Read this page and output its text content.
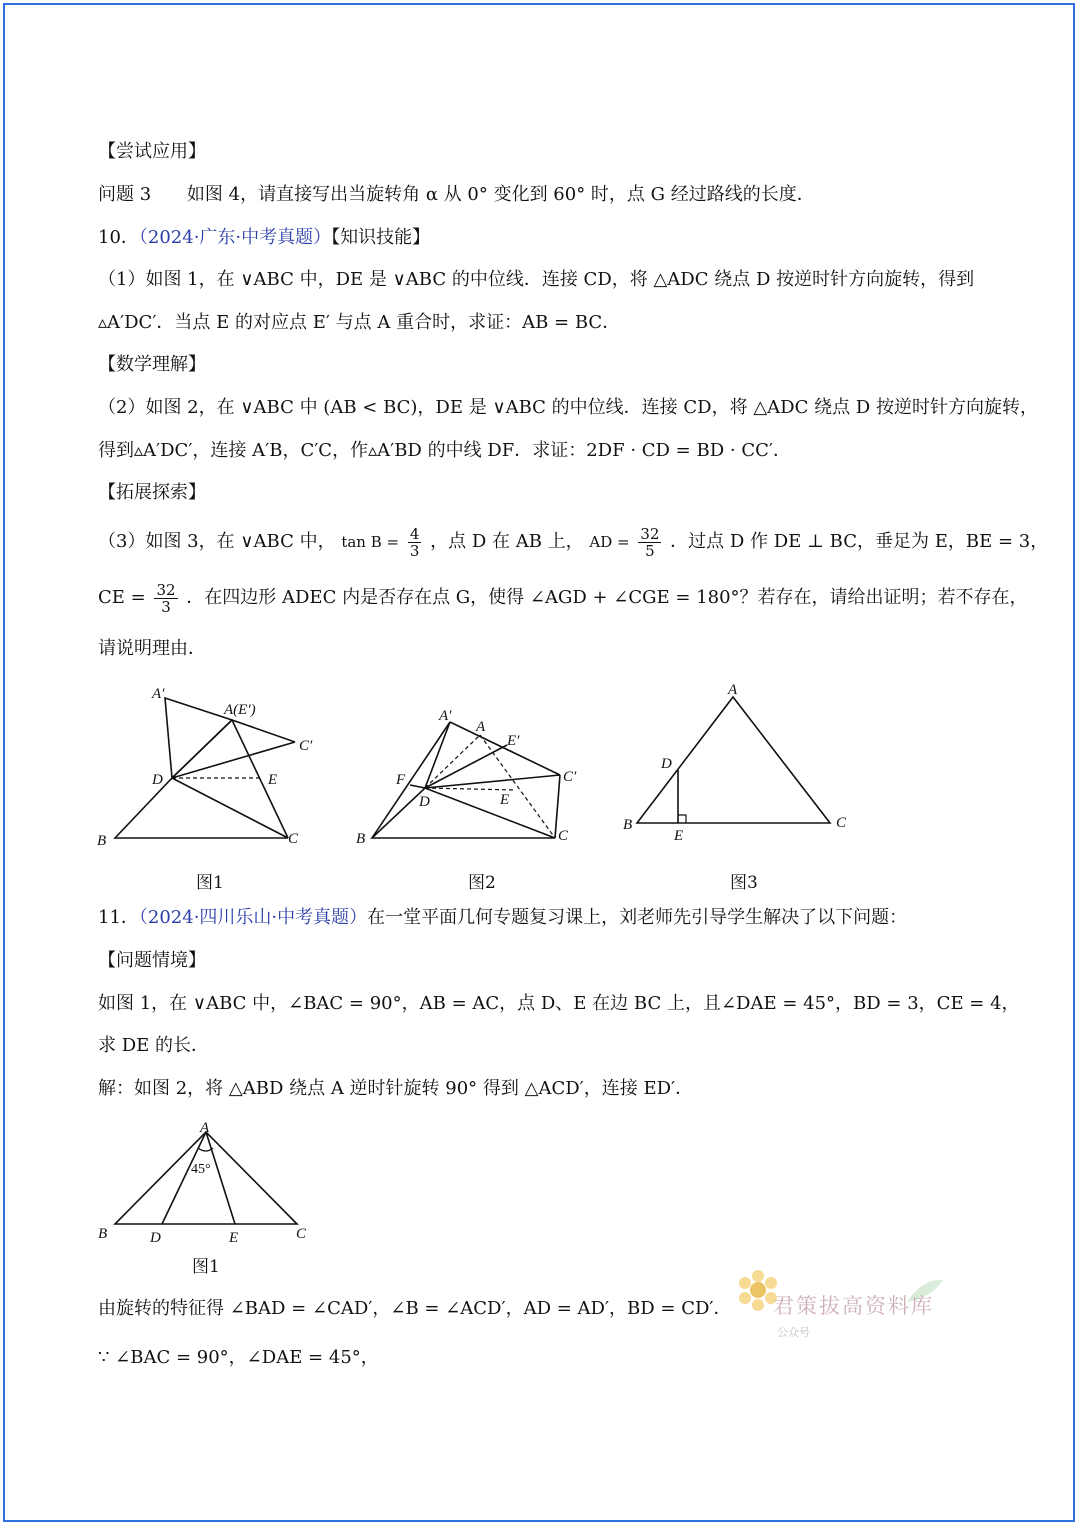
【尝试应用】
问题 3 如图 4，请直接写出当旋转角 α 从 0° 变化到 60° 时，点 G 经过路线的长度．
10．（2024·广东·中考真题）【知识技能】
（1）如图 1，在 ∨ABC 中，DE 是 ∨ABC 的中位线．连接 CD，将 △ADC 绕点 D 按逆时针方向旋转，得到
▵A′DC′．当点 E 的对应点 E′ 与点 A 重合时，求证：AB = BC．
【数学理解】
（2）如图 2，在 ∨ABC 中 (AB < BC)，DE 是 ∨ABC 的中位线．连接 CD，将 △ADC 绕点 D 按逆时针方向旋转，
得到▵A′DC′，连接 A′B，C′C，作▵A′BD 的中线 DF．求证：2DF · CD = BD · CC′．
【拓展探索】
（3）如图 3，在 ∨ABC 中， $\tan B = \frac{4}{3}$ ，点 D 在 AB 上， AD = $\frac{32}{5}$ ．过点 D 作 DE ⊥ BC，垂足为 E，BE = 3，
CE = $\frac{32}{3}$ ．在四边形 ADEC 内是否存在点 G，使得 ∠AGD + ∠CGE = 180°？若存在，请给出证明；若不存在，
请说明理由．
A′
A(E′)
C′
D	E
B	C
图1
A′
A
E′
F	C′
D	E
B	C
图2
A
D
B
E
C
图3
11．（2024·四川乐山·中考真题）在一堂平面几何专题复习课上，刘老师先引导学生解决了以下问题：
【问题情境】
如图 1，在 ∨ABC 中，∠BAC = 90°，AB = AC，点 D、E 在边 BC 上，且∠DAE = 45°，BD = 3，CE = 4，
求 DE 的长．
解：如图 2，将 △ABD 绕点 A 逆时针旋转 90° 得到 △ACD′，连接 ED′．
A
45°
B	D	E	C
图1
由旋转的特征得 ∠BAD = ∠CAD′，∠B = ∠ACD′，AD = AD′，BD = CD′．
∵ ∠BAC = 90°，∠DAE = 45°，
君策拔高资料库
公众号
